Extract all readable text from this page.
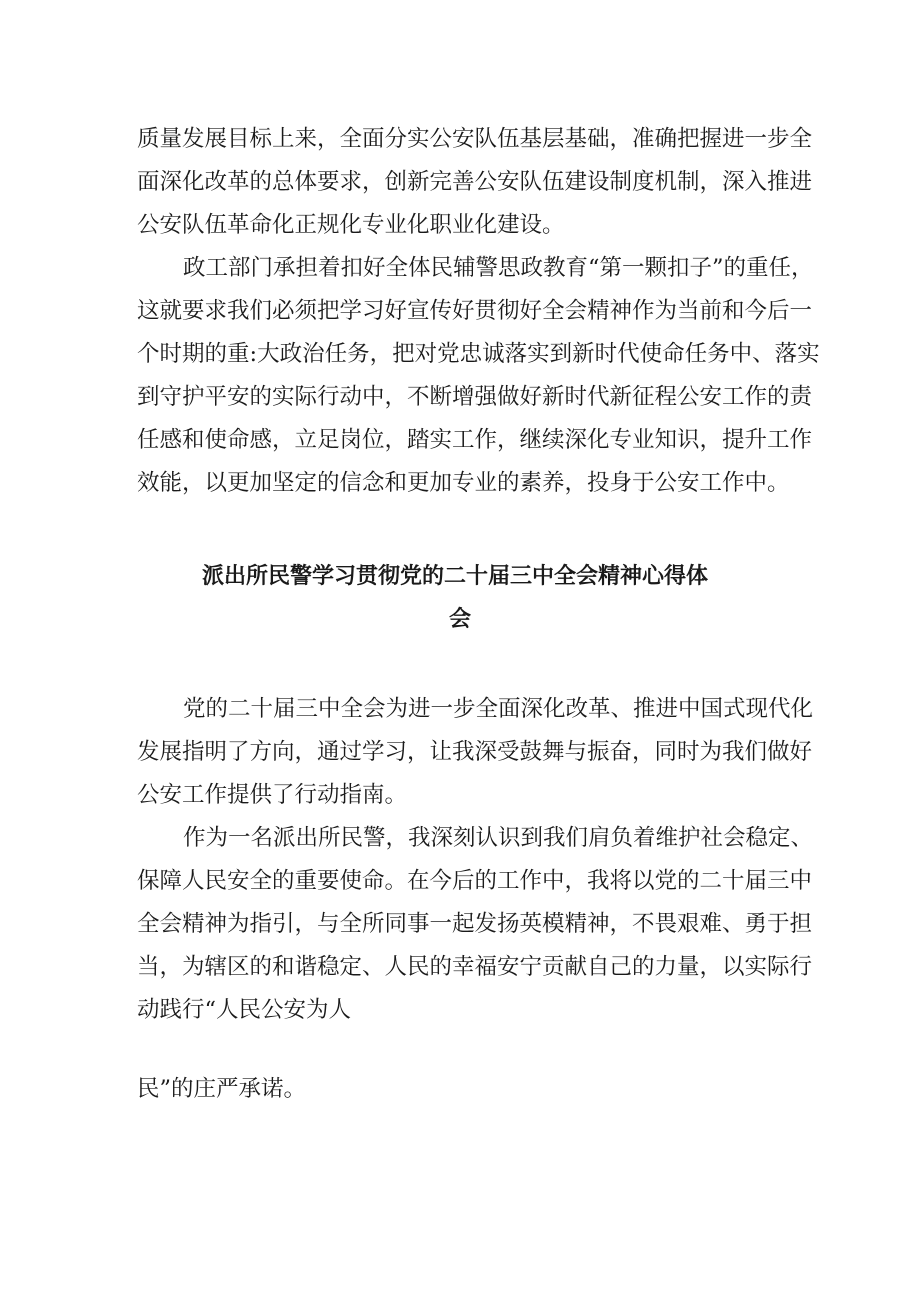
质量发展目标上来，全面分实公安队伍基层基础，准确把握进一步全
面深化改革的总体要求，创新完善公安队伍建设制度机制，深入推进
公安队伍革命化正规化专业化职业化建设。
政工部门承担着扣好全体民辅警思政教育“第一颗扣子”的重任，
这就要求我们必须把学习好宣传好贯彻好全会精神作为当前和今后一
个时期的重:大政治任务，把对党忠诚落实到新时代使命任务中、落实
到守护平安的实际行动中，不断增强做好新时代新征程公安工作的责
任感和使命感，立足岗位，踏实工作，继续深化专业知识，提升工作
效能，以更加坚定的信念和更加专业的素养，投身于公安工作中。
派出所民警学习贯彻党的二十届三中全会精神心得体
会
党的二十届三中全会为进一步全面深化改革、推进中国式现代化
发展指明了方向，通过学习，让我深受鼓舞与振奋，同时为我们做好
公安工作提供了行动指南。
作为一名派出所民警，我深刻认识到我们肩负着维护社会稳定、
保障人民安全的重要使命。在今后的工作中，我将以党的二十届三中
全会精神为指引，与全所同事一起发扬英模精神，不畏艰难、勇于担
当，为辖区的和谐稳定、人民的幸福安宁贡献自己的力量，以实际行
动践行“人民公安为人
民”的庄严承诺。
